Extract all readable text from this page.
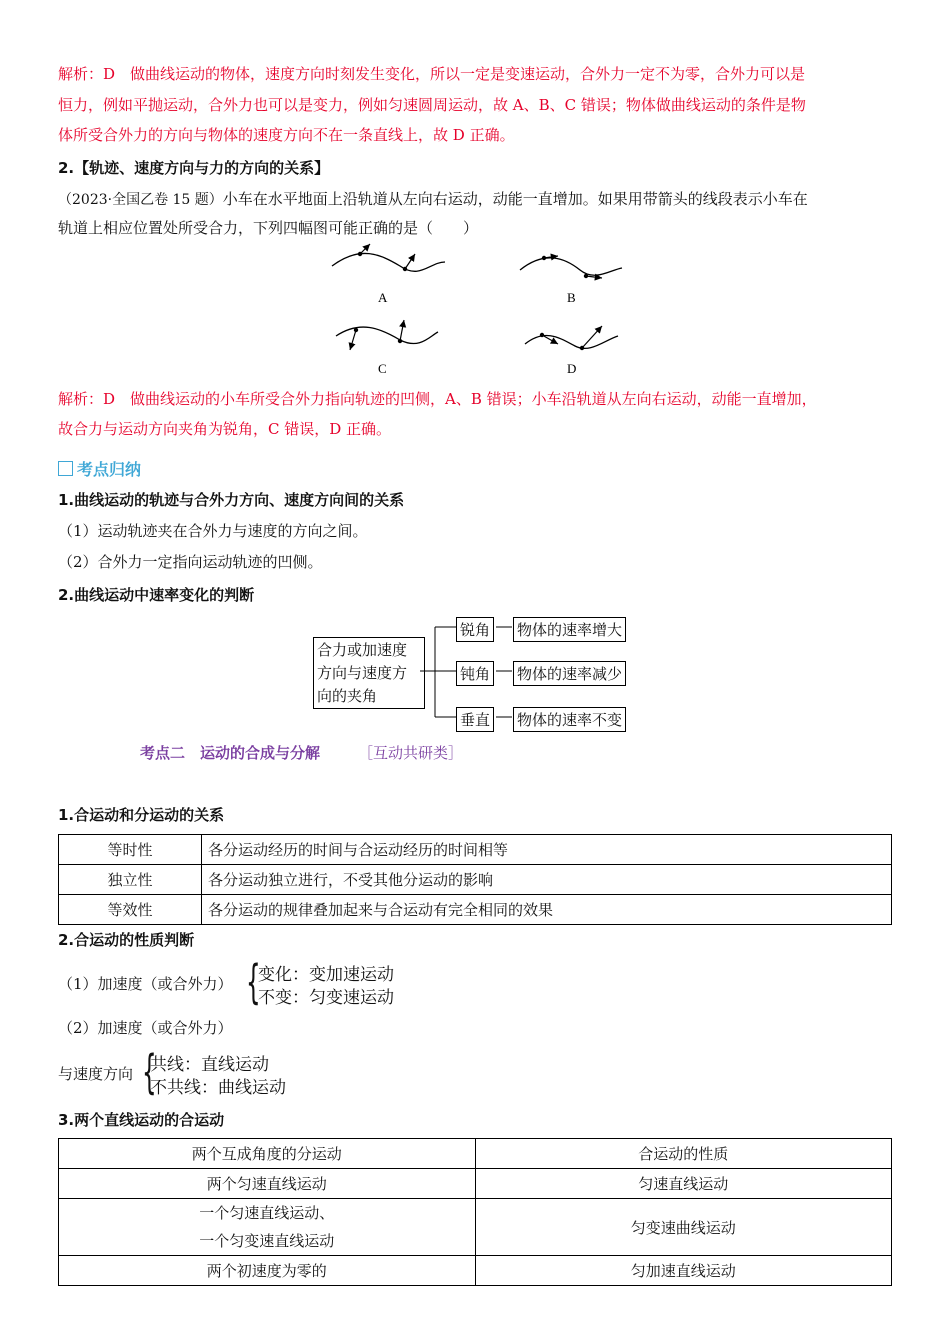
解析：D　做曲线运动的物体，速度方向时刻发生变化，所以一定是变速运动，合外力一定不为零，合外力可以是
恒力，例如平抛运动，合外力也可以是变力，例如匀速圆周运动，故 A、B、C 错误；物体做曲线运动的条件是物
体所受合外力的方向与物体的速度方向不在一条直线上，故 D 正确。
2.【轨迹、速度方向与力的方向的关系】
（2023·全国乙卷 15 题）小车在水平地面上沿轨道从左向右运动，动能一直增加。如果用带箭头的线段表示小车在
轨道上相应位置处所受合力，下列四幅图可能正确的是（　　）
A	B
C	D
解析：D　做曲线运动的小车所受合外力指向轨迹的凹侧，A、B 错误；小车沿轨道从左向右运动，动能一直增加，
故合力与运动方向夹角为锐角，C 错误，D 正确。
考点归纳
1.曲线运动的轨迹与合外力方向、速度方向间的关系
（1）运动轨迹夹在合外力与速度的方向之间。
（2）合外力一定指向运动轨迹的凹侧。
2.曲线运动中速率变化的判断
合力或加速度
方向与速度方
向的夹角
锐角
钝角
垂直
物体的速率增大
物体的速率减少
物体的速率不变
考点二　运动的合成与分解	［互动共研类］
1.合运动和分运动的关系
等时性	各分运动经历的时间与合运动经历的时间相等
独立性	各分运动独立进行，不受其他分运动的影响
等效性	各分运动的规律叠加起来与合运动有完全相同的效果
2.合运动的性质判断
（1）加速度（或合外力） {
变化：变加速运动
不变：匀变速运动
（2）加速度（或合外力）
与速度方向 {
共线：直线运动
不共线：曲线运动
3.两个直线运动的合运动
两个互成角度的分运动	合运动的性质
两个匀速直线运动	匀速直线运动

一个匀速直线运动、
一个匀变速直线运动	匀变速曲线运动
两个初速度为零的	匀加速直线运动
